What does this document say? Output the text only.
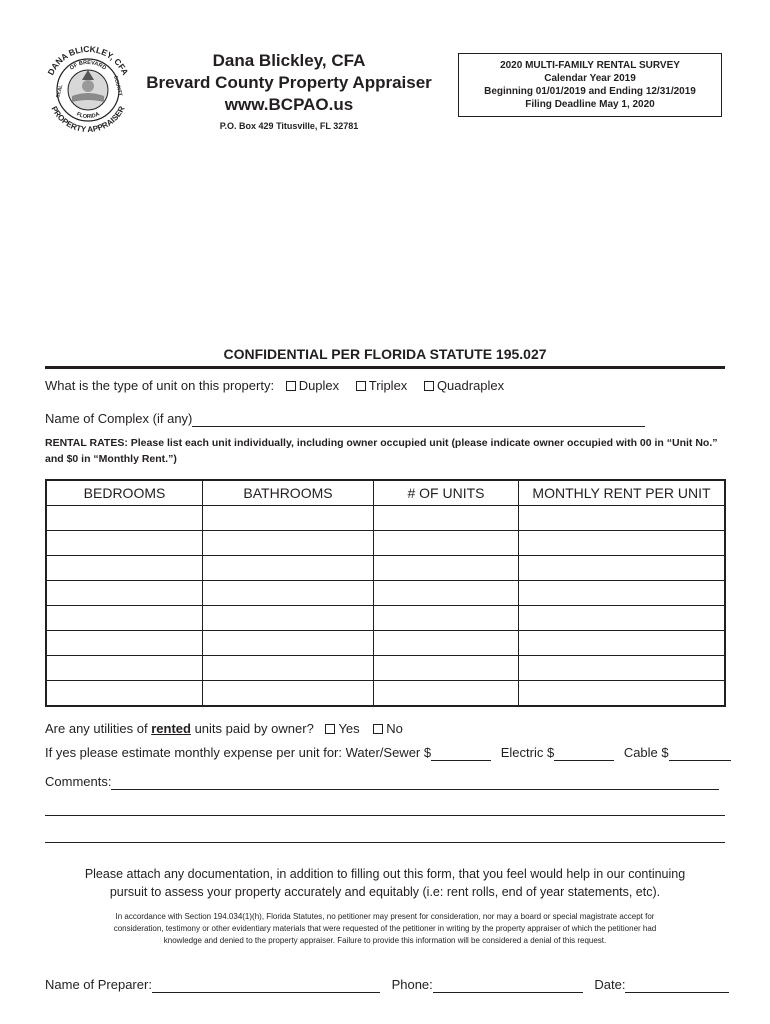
DANA BLICKLEY, CFA
PROPERTY APPRAISER
OF BREVARD
FLORIDA
SEAL	COUNTY
Dana Blickley, CFA
Brevard County Property Appraiser
www.BCPAO.us
P.O. Box 429 Titusville, FL 32781
2020 MULTI-FAMILY RENTAL SURVEY
Calendar Year 2019
Beginning 01/01/2019 and Ending 12/31/2019
Filing Deadline May 1, 2020
CONFIDENTIAL PER FLORIDA STATUTE 195.027
What is the type of unit on this property: Duplex Triplex Quadraplex
Name of Complex (if any)
RENTAL RATES: Please list each unit individually, including owner occupied unit (please indicate owner occupied with 00 in “Unit No.”
and $0 in “Monthly Rent.”)
BEDROOMS	BATHROOMS	# OF UNITS	MONTHLY RENT PER UNIT

Are any utilities of rented units paid by owner? Yes No
If yes please estimate monthly expense per unit for: Water/Sewer $	Electric $	Cable $
Comments:
Please attach any documentation, in addition to filling out this form, that you feel would help in our continuing
pursuit to assess your property accurately and equitably (i.e: rent rolls, end of year statements, etc).
In accordance with Section 194.034(1)(h), Florida Statutes, no petitioner may present for consideration, nor may a board or special magistrate accept for
consideration, testimony or other evidentiary materials that were requested of the petitioner in writing by the property appraiser of which the petitioner had
knowledge and denied to the property appraiser. Failure to provide this information will be considered a denial of this request.
Name of Preparer:	Phone:	Date:
